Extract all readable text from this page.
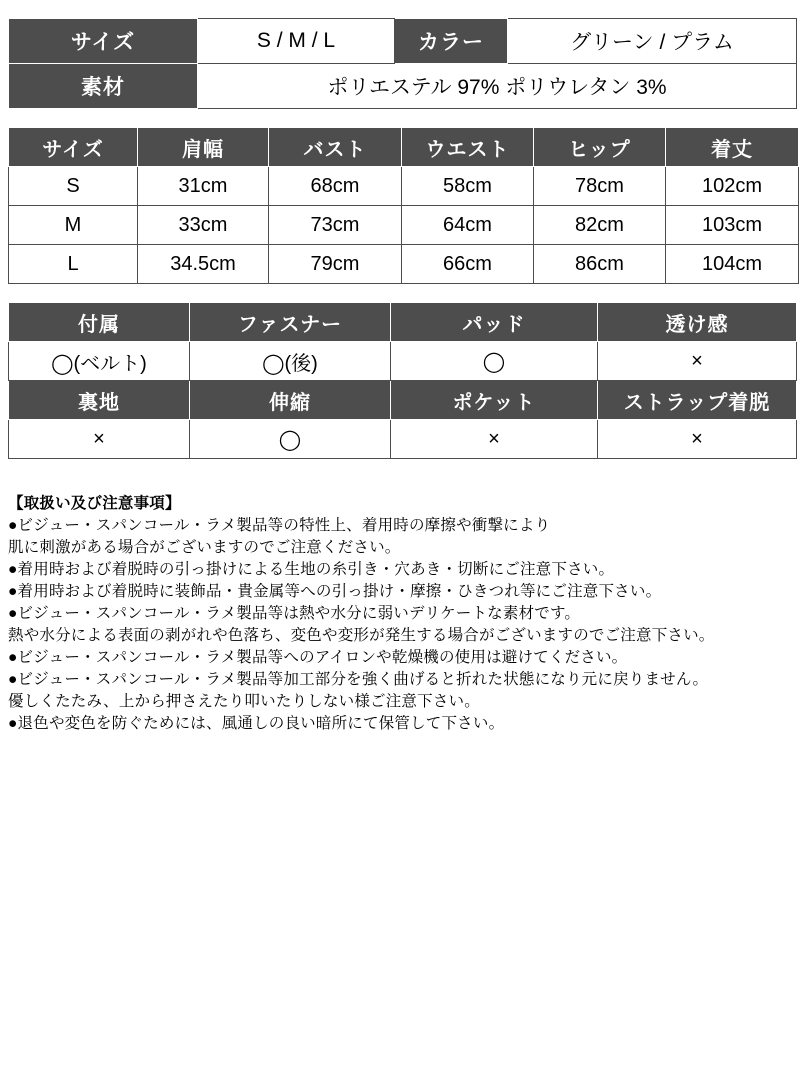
サイズ	S / M / L	カラー	グリーン / プラム
素材	ポリエステル 97% ポリウレタン 3%		
サイズ	肩幅	バスト	ウエスト	ヒップ	着丈
S	31cm	68cm	58cm	78cm	102cm
M	33cm	73cm	64cm	82cm	103cm
L	34.5cm	79cm	66cm	86cm	104cm
付属	ファスナー	パッド	透け感
◯(ベルト)	◯(後)	◯	×
裏地	伸縮	ポケット	ストラップ着脱
×	◯	×	×
【取扱い及び注意事項】
●ビジュー・スパンコール・ラメ製品等の特性上、着用時の摩擦や衝撃により
肌に刺激がある場合がございますのでご注意ください。
●着用時および着脱時の引っ掛けによる生地の糸引き・穴あき・切断にご注意下さい。
●着用時および着脱時に装飾品・貴金属等への引っ掛け・摩擦・ひきつれ等にご注意下さい。
●ビジュー・スパンコール・ラメ製品等は熱や水分に弱いデリケートな素材です。
熱や水分による表面の剥がれや色落ち、変色や変形が発生する場合がございますのでご注意下さい。
●ビジュー・スパンコール・ラメ製品等へのアイロンや乾燥機の使用は避けてください。
●ビジュー・スパンコール・ラメ製品等加工部分を強く曲げると折れた状態になり元に戻りません。
優しくたたみ、上から押さえたり叩いたりしない様ご注意下さい。
●退色や変色を防ぐためには、風通しの良い暗所にて保管して下さい。
